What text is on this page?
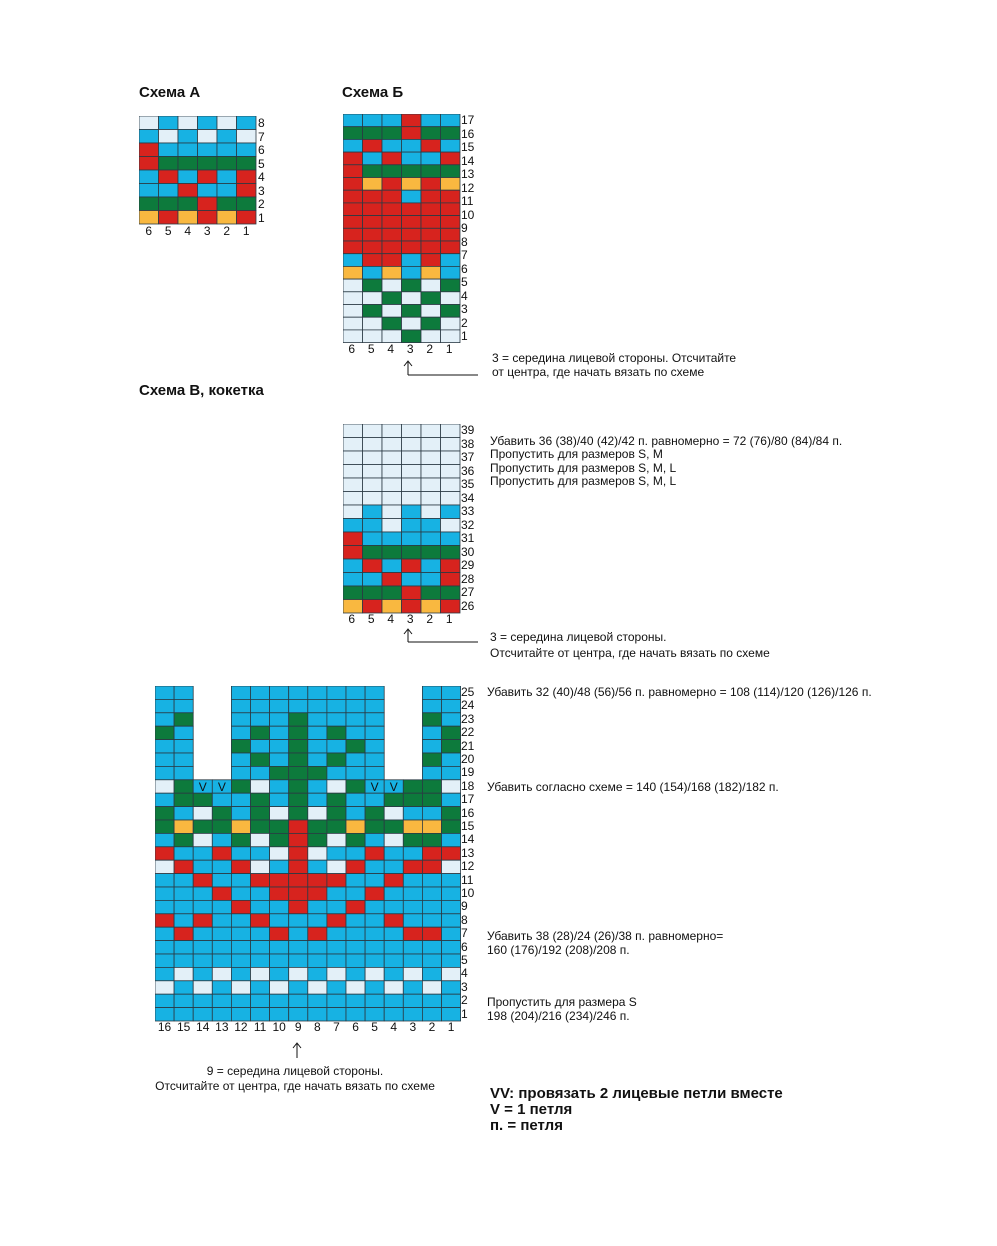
Схема А	Схема Б
Схема В, кокетка
8
7
6
5
4
3
2
1
6	5	4	3	2	1
17
16
15
14
13
12
11
10
9
8
7
6
5
4
3
2
1
6	5	4	3	2	1
3 = середина лицевой стороны. Отсчитайте
от центра, где начать вязать по схеме
39
38
37
36
35
34
33
32
31
30
29
28
27
26
6	5	4	3	2	1
Убавить 36 (38)/40 (42)/42 п. равномерно = 72 (76)/80 (84)/84 п.
Пропустить для размеров S, M
Пропустить для размеров S, M, L
Пропустить для размеров S, M, L
3 = середина лицевой стороны.
Отсчитайте от центра, где начать вязать по схеме
V V	V V
25
24
23
22
21
20
19
18
17
16
15
14
13
12
11
10
9
8
7
6
5
4
3
2
1
16 15 14 13 12 11 10 9	8	7	6	5	4	3	2	1
Убавить 32 (40)/48 (56)/56 п. равномерно = 108 (114)/120 (126)/126 п.
Убавить согласно схеме = 140 (154)/168 (182)/182 п.
Убавить 38 (28)/24 (26)/38 п. равномерно=
160 (176)/192 (208)/208 п.
Пропустить для размера S
198 (204)/216 (234)/246 п.
9 = середина лицевой стороны.
Отсчитайте от центра, где начать вязать по схеме	VV: провязать 2 лицевые петли вместе
V = 1 петля
п. = петля
